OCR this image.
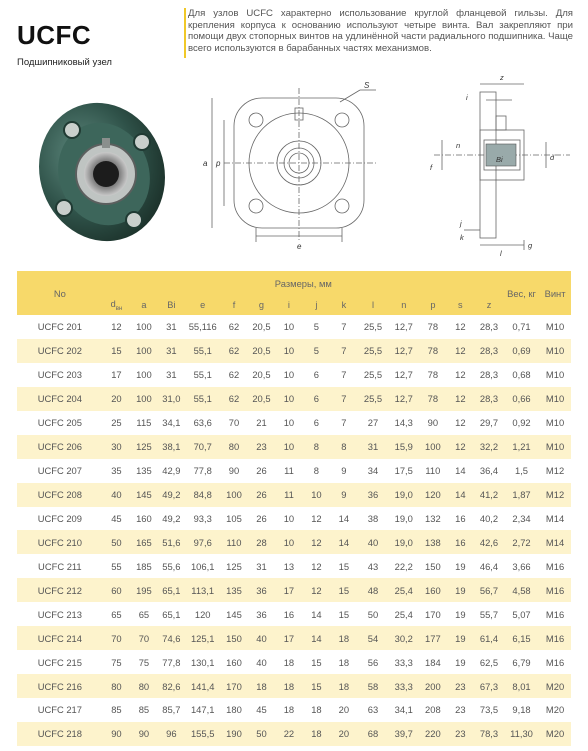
UCFC
Подшипниковый узел
Для узлов UCFC характерно использование круглой фланцевой гильзы. Для крепления корпуса к основанию используют четыре винта. Вал закрепляют при помощи двух стопорных винтов на удлинённой части радиального подшипника. Чаще всего используются в барабанных частях механизмов.
a p
e
S
z
i
n
f
Bi	d
j
k
l
g
No	Размеры, мм														Вес, кг	Винт
	$d_{вн}$	a	Bi	e	f	g	i	j	k	l	n	p	s	z		
UCFC 201	12	100	31	55,116	62	20,5	10	5	7	25,5	12,7	78	12	28,3	0,71	M10
UCFC 202	15	100	31	55,1	62	20,5	10	5	7	25,5	12,7	78	12	28,3	0,69	M10
UCFC 203	17	100	31	55,1	62	20,5	10	6	7	25,5	12,7	78	12	28,3	0,68	M10
UCFC 204	20	100	31,0	55,1	62	20,5	10	6	7	25,5	12,7	78	12	28,3	0,66	M10
UCFC 205	25	115	34,1	63,6	70	21	10	6	7	27	14,3	90	12	29,7	0,92	M10
UCFC 206	30	125	38,1	70,7	80	23	10	8	8	31	15,9	100	12	32,2	1,21	M10
UCFC 207	35	135	42,9	77,8	90	26	11	8	9	34	17,5	110	14	36,4	1,5	M12
UCFC 208	40	145	49,2	84,8	100	26	11	10	9	36	19,0	120	14	41,2	1,87	M12
UCFC 209	45	160	49,2	93,3	105	26	10	12	14	38	19,0	132	16	40,2	2,34	M14
UCFC 210	50	165	51,6	97,6	110	28	10	12	14	40	19,0	138	16	42,6	2,72	M14
UCFC 211	55	185	55,6	106,1	125	31	13	12	15	43	22,2	150	19	46,4	3,66	M16
UCFC 212	60	195	65,1	113,1	135	36	17	12	15	48	25,4	160	19	56,7	4,58	M16
UCFC 213	65	65	65,1	120	145	36	16	14	15	50	25,4	170	19	55,7	5,07	M16
UCFC 214	70	70	74,6	125,1	150	40	17	14	18	54	30,2	177	19	61,4	6,15	M16
UCFC 215	75	75	77,8	130,1	160	40	18	15	18	56	33,3	184	19	62,5	6,79	M16
UCFC 216	80	80	82,6	141,4	170	18	18	15	18	58	33,3	200	23	67,3	8,01	M20
UCFC 217	85	85	85,7	147,1	180	45	18	18	20	63	34,1	208	23	73,5	9,18	M20
UCFC 218	90	90	96	155,5	190	50	22	18	20	68	39,7	220	23	78,3	11,30	M20
